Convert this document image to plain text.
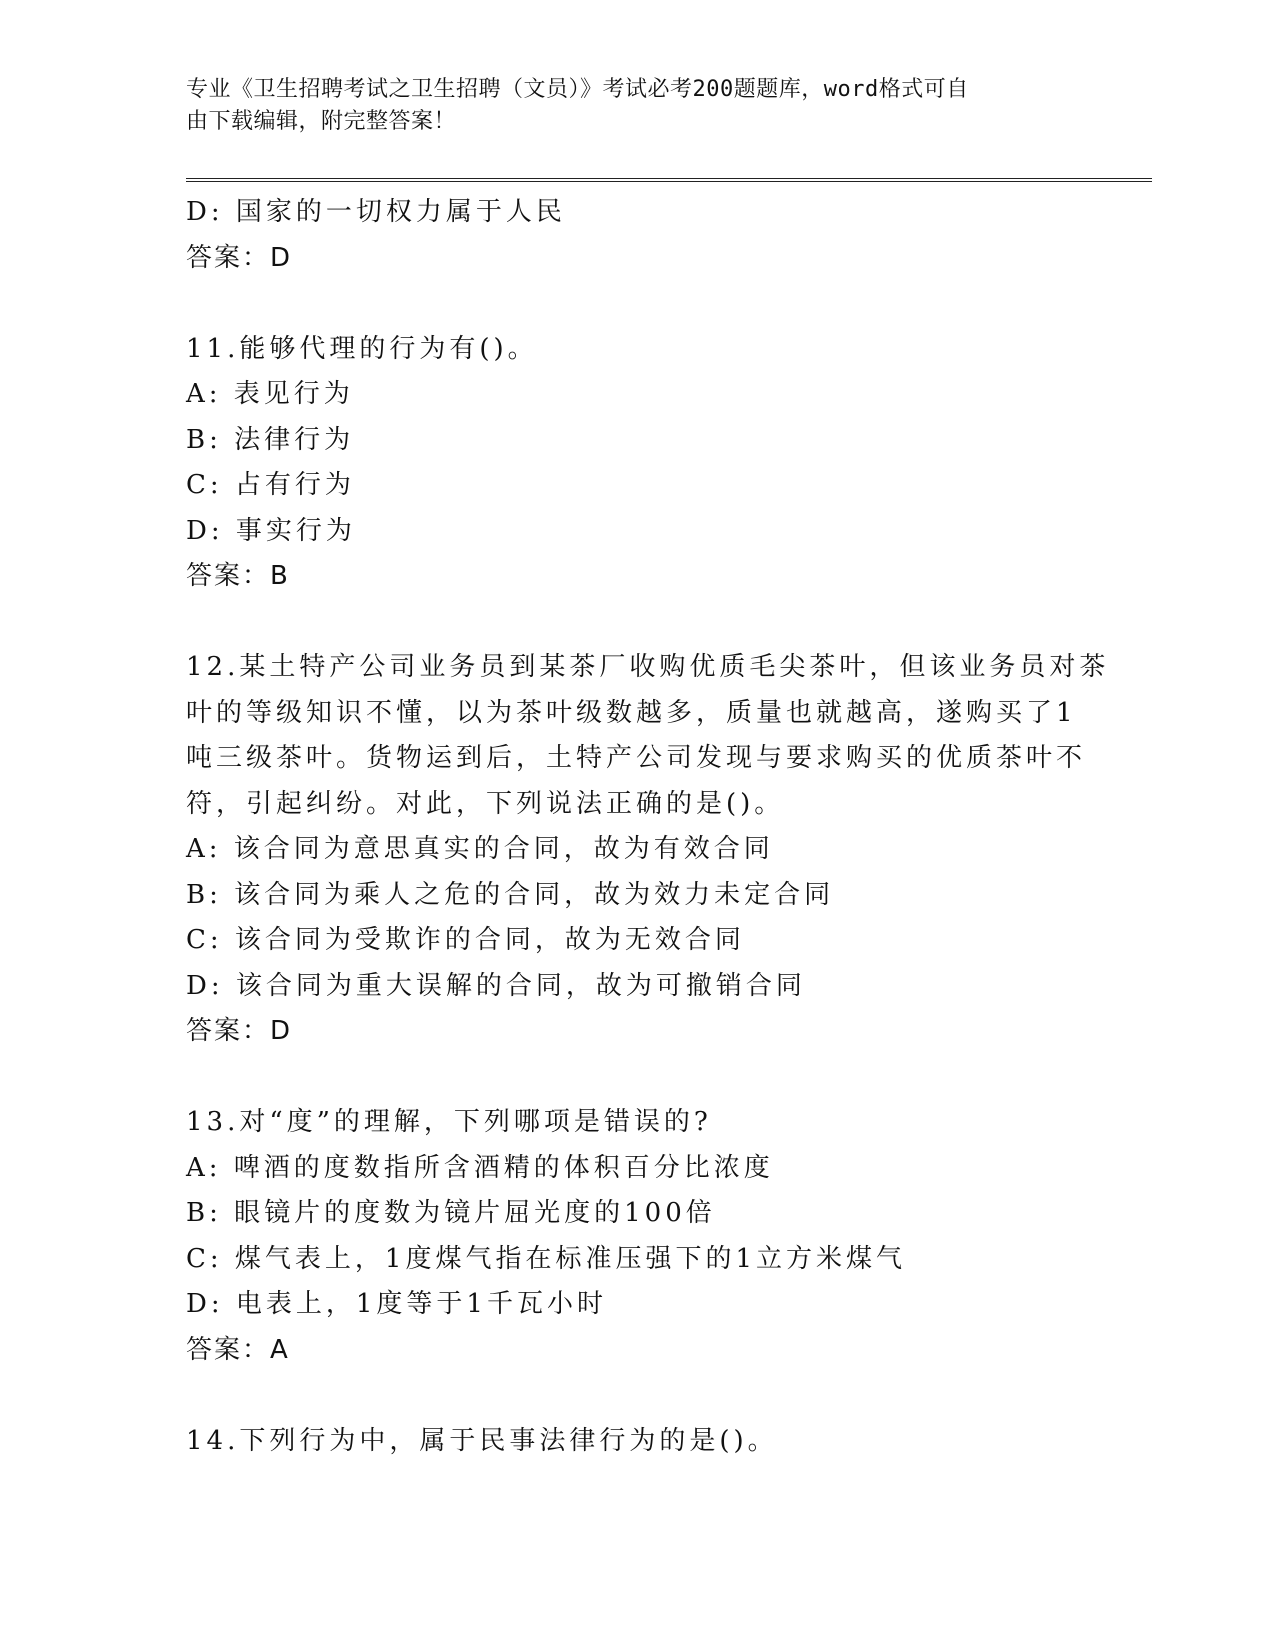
专业《卫生招聘考试之卫生招聘（文员）》考试必考200题题库，word格式可自
由下载编辑，附完整答案！
D: 国家的一切权力属于人民
答案：D
11.能够代理的行为有()。
A: 表见行为
B: 法律行为
C: 占有行为
D: 事实行为
答案：B
12.某土特产公司业务员到某茶厂收购优质毛尖茶叶，但该业务员对茶
叶的等级知识不懂，以为茶叶级数越多，质量也就越高，遂购买了1
吨三级茶叶。货物运到后，土特产公司发现与要求购买的优质茶叶不
符，引起纠纷。对此，下列说法正确的是()。
A: 该合同为意思真实的合同，故为有效合同
B: 该合同为乘人之危的合同，故为效力未定合同
C: 该合同为受欺诈的合同，故为无效合同
D: 该合同为重大误解的合同，故为可撤销合同
答案：D
13.对“度”的理解，下列哪项是错误的?
A: 啤酒的度数指所含酒精的体积百分比浓度
B: 眼镜片的度数为镜片屈光度的100倍
C: 煤气表上，1度煤气指在标准压强下的1立方米煤气
D: 电表上，1度等于1千瓦小时
答案：A
14.下列行为中，属于民事法律行为的是()。
